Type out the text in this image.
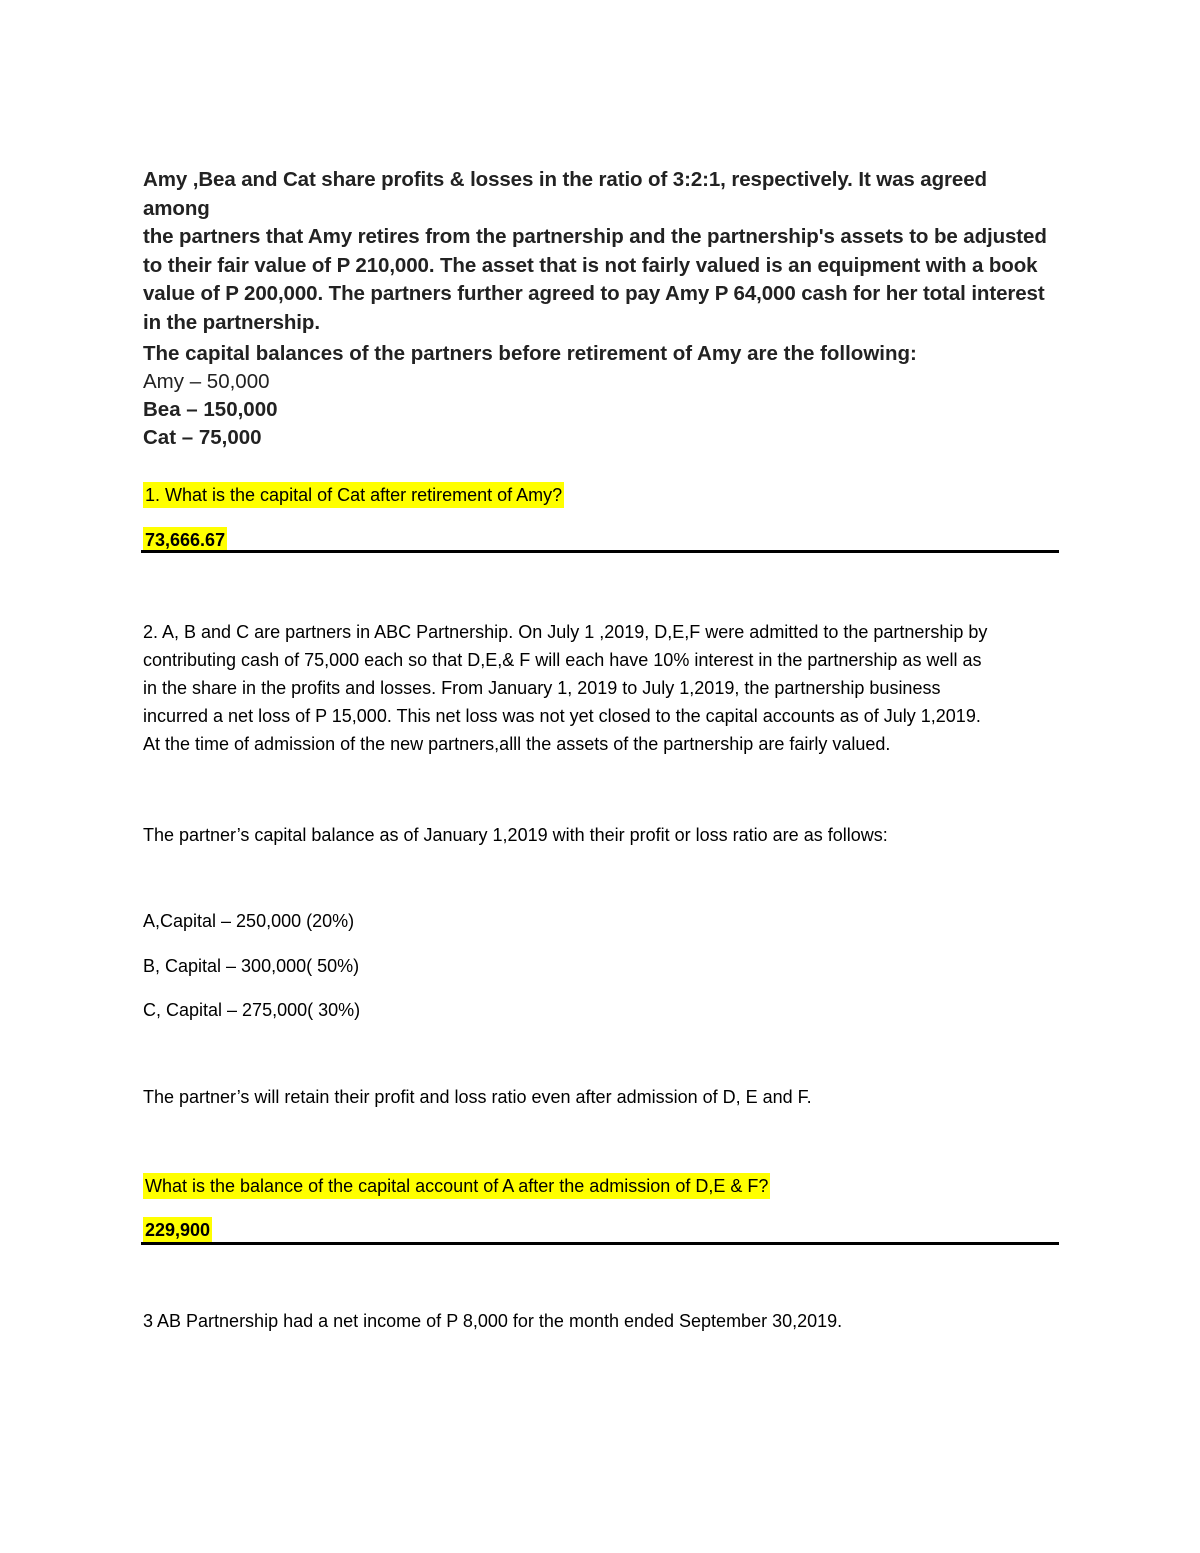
Amy ,Bea and Cat share profits & losses in the ratio of 3:2:1, respectively. It was agreed among

the partners that Amy retires from the partnership and the partnership's assets to be adjusted

to their fair value of P 210,000. The asset that is not fairly valued is an equipment with a book

value of P 200,000. The partners further agreed to pay Amy P 64,000 cash for her total interest

in the partnership.

The capital balances of the partners before retirement of Amy are the following:

Amy – 50,000

Bea – 150,000

Cat – 75,000

1. What is the capital of Cat after retirement of Amy?
73,666.67

2. A, B and C are partners in ABC Partnership. On July 1 ,2019, D,E,F were admitted to the partnership by

contributing cash of 75,000 each so that D,E,& F will each have 10% interest in the partnership as well as

in the share in the profits and losses. From January 1, 2019 to July 1,2019, the partnership business

incurred a net loss of P 15,000. This net loss was not yet closed to the capital accounts as of July 1,2019.

At the time of admission of the new partners,alll the assets of the partnership are fairly valued.

The partner’s capital balance as of January 1,2019 with their profit or loss ratio are as follows:
A,Capital – 250,000 (20%)
B, Capital – 300,000( 50%)
C, Capital – 275,000( 30%)
The partner’s will retain their profit and loss ratio even after admission of D, E and F.
What is the balance of the capital account of A after the admission of D,E & F?
229,900
3 AB Partnership had a net income of P 8,000 for the month ended September 30,2019.
